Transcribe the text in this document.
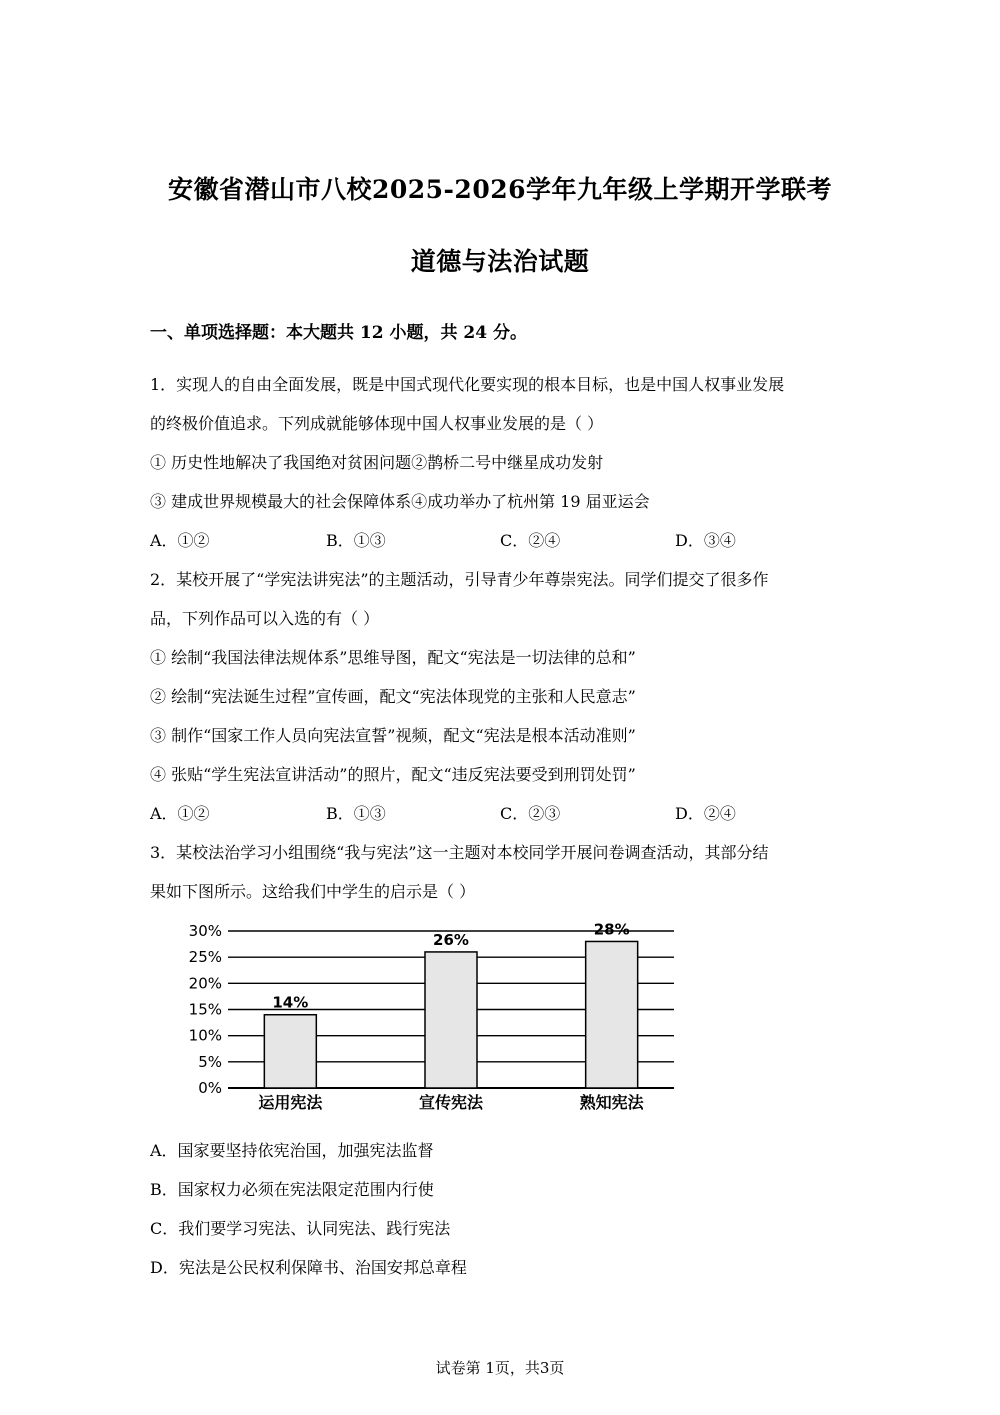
安徽省潜山市八校2025-2026学年九年级上学期开学联考
道德与法治试题
一、单项选择题：本大题共 12 小题，共 24 分。
1．实现人的自由全面发展，既是中国式现代化要实现的根本目标，也是中国人权事业发展
的终极价值追求。下列成就能够体现中国人权事业发展的是（ ）
① 历史性地解决了我国绝对贫困问题②鹊桥二号中继星成功发射
③ 建成世界规模最大的社会保障体系④成功举办了杭州第 19 届亚运会
A．①②	B．①③	C．②④	D．③④
2．某校开展了“学宪法讲宪法”的主题活动，引导青少年尊崇宪法。同学们提交了很多作
品，下列作品可以入选的有（ ）
① 绘制“我国法律法规体系”思维导图，配文“宪法是一切法律的总和”
② 绘制“宪法诞生过程”宣传画，配文“宪法体现党的主张和人民意志”
③ 制作“国家工作人员向宪法宣誓”视频，配文“宪法是根本活动准则”
④ 张贴“学生宪法宣讲活动”的照片，配文“违反宪法要受到刑罚处罚”
A．①②	B．①③	C．②③	D．②④
3．某校法治学习小组围绕“我与宪法”这一主题对本校同学开展问卷调查活动，其部分结
果如下图所示。这给我们中学生的启示是（ ）
0%
5%
10%
15%
20%
25%
30%
14%
运用宪法
26%
宣传宪法
28%
熟知宪法
A．国家要坚持依宪治国，加强宪法监督
B．国家权力必须在宪法限定范围内行使
C．我们要学习宪法、认同宪法、践行宪法
D．宪法是公民权利保障书、治国安邦总章程
试卷第 1页，共3页
